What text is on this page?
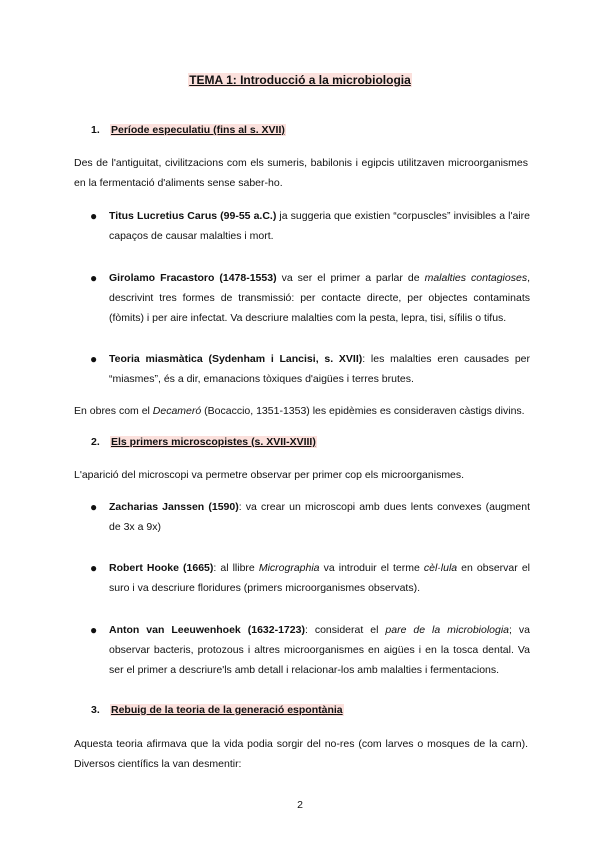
TEMA 1: Introducció a la microbiologia
1. Període especulatiu (fins al s. XVII)
Des de l'antiguitat, civilitzacions com els sumeris, babilonis i egipcis utilitzaven microorganismes en la fermentació d'aliments sense saber-ho.
● Titus Lucretius Carus (99-55 a.C.) ja suggeria que existien “corpuscles” invisibles a l'aire capaços de causar malalties i mort.
● Girolamo Fracastoro (1478-1553) va ser el primer a parlar de malalties contagioses, descrivint tres formes de transmissió: per contacte directe, per objectes contaminats (fòmits) i per aire infectat. Va descriure malalties com la pesta, lepra, tisi, sífilis o tifus.
● Teoria miasmàtica (Sydenham i Lancisi, s. XVII): les malalties eren causades per “miasmes”, és a dir, emanacions tòxiques d'aigües i terres brutes.
En obres com el Decameró (Bocaccio, 1351-1353) les epidèmies es consideraven càstigs divins.
2. Els primers microscopistes (s. XVII-XVIII)
L'aparició del microscopi va permetre observar per primer cop els microorganismes.
● Zacharias Janssen (1590): va crear un microscopi amb dues lents convexes (augment de 3x a 9x)
● Robert Hooke (1665): al llibre Micrographia va introduir el terme cèl·lula en observar el suro i va descriure floridures (primers microorganismes observats).
● Anton van Leeuwenhoek (1632-1723): considerat el pare de la microbiologia; va observar bacteris, protozous i altres microorganismes en aigües i en la tosca dental. Va ser el primer a descriure'ls amb detall i relacionar-los amb malalties i fermentacions.
3. Rebuig de la teoria de la generació espontània
Aquesta teoria afirmava que la vida podia sorgir del no-res (com larves o mosques de la carn). Diversos científics la van desmentir:
2
